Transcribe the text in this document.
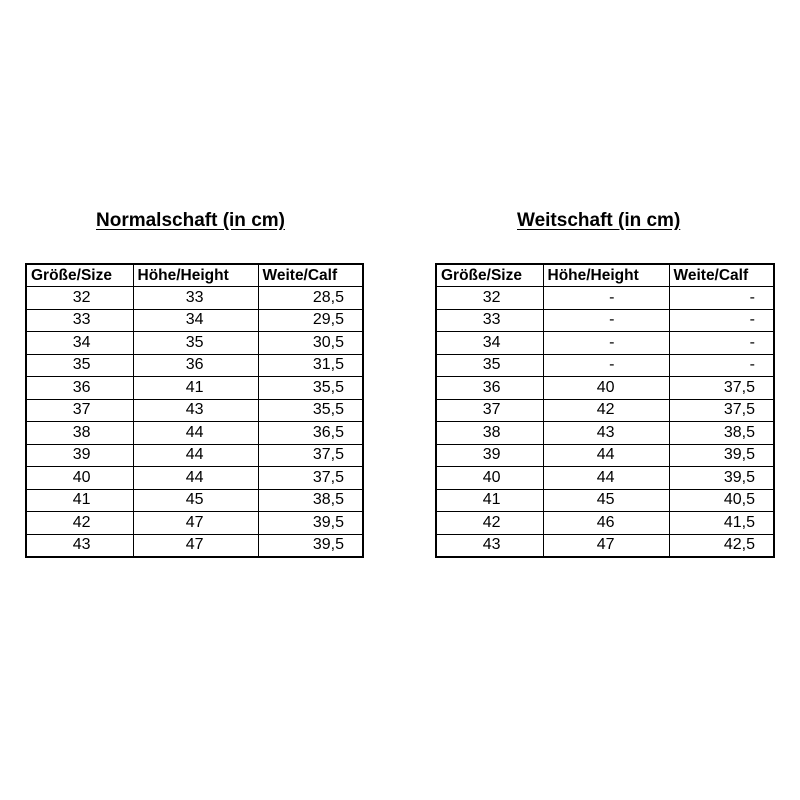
Normalschaft (in cm)
Größe/Size	Höhe/Height	Weite/Calf
32	33	28,5
33	34	29,5
34	35	30,5
35	36	31,5
36	41	35,5
37	43	35,5
38	44	36,5
39	44	37,5
40	44	37,5
41	45	38,5
42	47	39,5
43	47	39,5
Weitschaft (in cm)
Größe/Size	Höhe/Height	Weite/Calf
32	-	-
33	-	-
34	-	-
35	-	-
36	40	37,5
37	42	37,5
38	43	38,5
39	44	39,5
40	44	39,5
41	45	40,5
42	46	41,5
43	47	42,5
